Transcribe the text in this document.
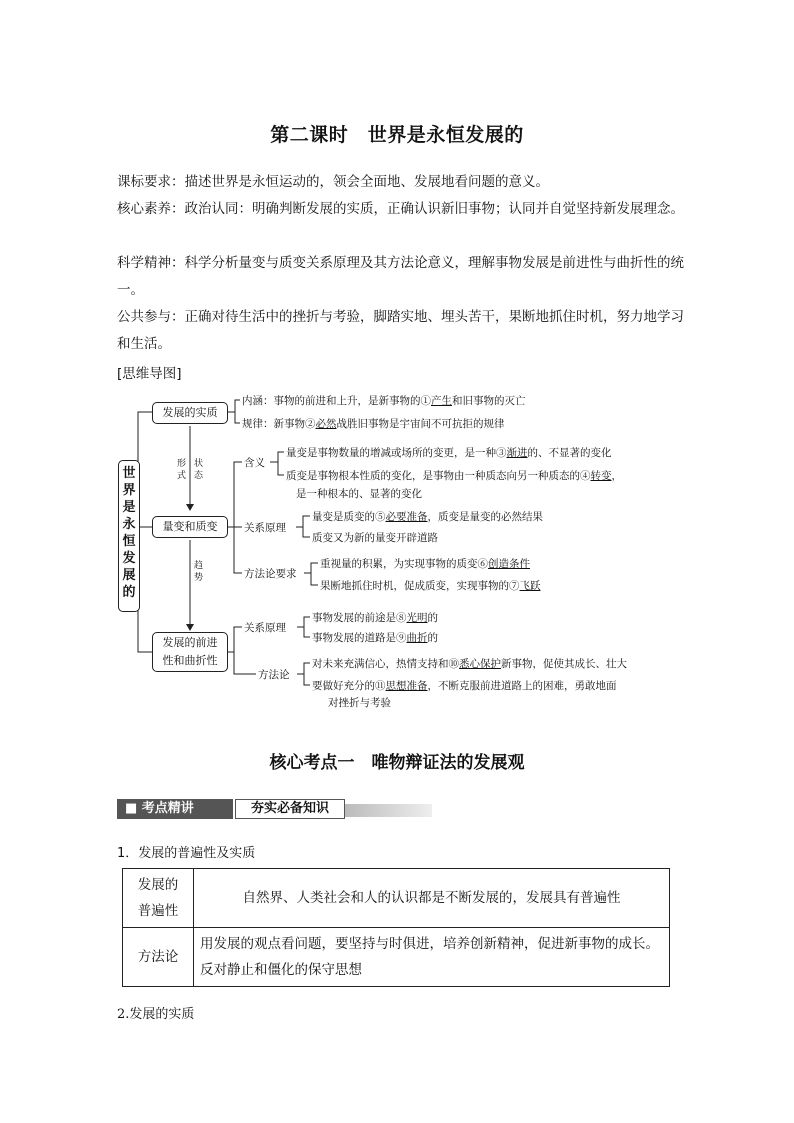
第二课时　世界是永恒发展的
课标要求：描述世界是永恒运动的，领会全面地、发展地看问题的意义。
核心素养：政治认同：明确判断发展的实质，正确认识新旧事物；认同并自觉坚持新发展理念。
科学精神：科学分析量变与质变关系原理及其方法论意义，理解事物发展是前进性与曲折性的统一。
公共参与：正确对待生活中的挫折与考验，脚踏实地、埋头苦干，果断地抓住时机，努力地学习和生活。
[思维导图]
世
界
是
永
恒
发
展
的
发展的实质
量变和质变
发展的前进
性和曲折性
形式
状态
趋势
内涵：事物的前进和上升，是新事物的①产生和旧事物的灭亡
规律：新事物②必然战胜旧事物是宇宙间不可抗拒的规律
含义
量变是事物数量的增减或场所的变更，是一种③渐进的、不显著的变化
质变是事物根本性质的变化，是事物由一种质态向另一种质态的④转变，
是一种根本的、显著的变化
关系原理
量变是质变的⑤必要准备，质变是量变的必然结果
质变又为新的量变开辟道路
方法论要求
重视量的积累，为实现事物的质变⑥创造条件
果断地抓住时机，促成质变，实现事物的⑦飞跃
关系原理
事物发展的前途是⑧光明的
事物发展的道路是⑨曲折的
方法论
对未来充满信心，热情支持和⑩悉心保护新事物，促使其成长、壮大
要做好充分的⑪思想准备，不断克服前进道路上的困难，勇敢地面
对挫折与考验
核心考点一　唯物辩证法的发展观
■ 考点精讲	夯实必备知识
1．发展的普遍性及实质
发展的
普遍性	自然界、人类社会和人的认识都是不断发展的，发展具有普遍性
方法论	用发展的观点看问题，要坚持与时俱进，培养创新精神，促进新事物的成长。反对静止和僵化的保守思想
2.发展的实质
